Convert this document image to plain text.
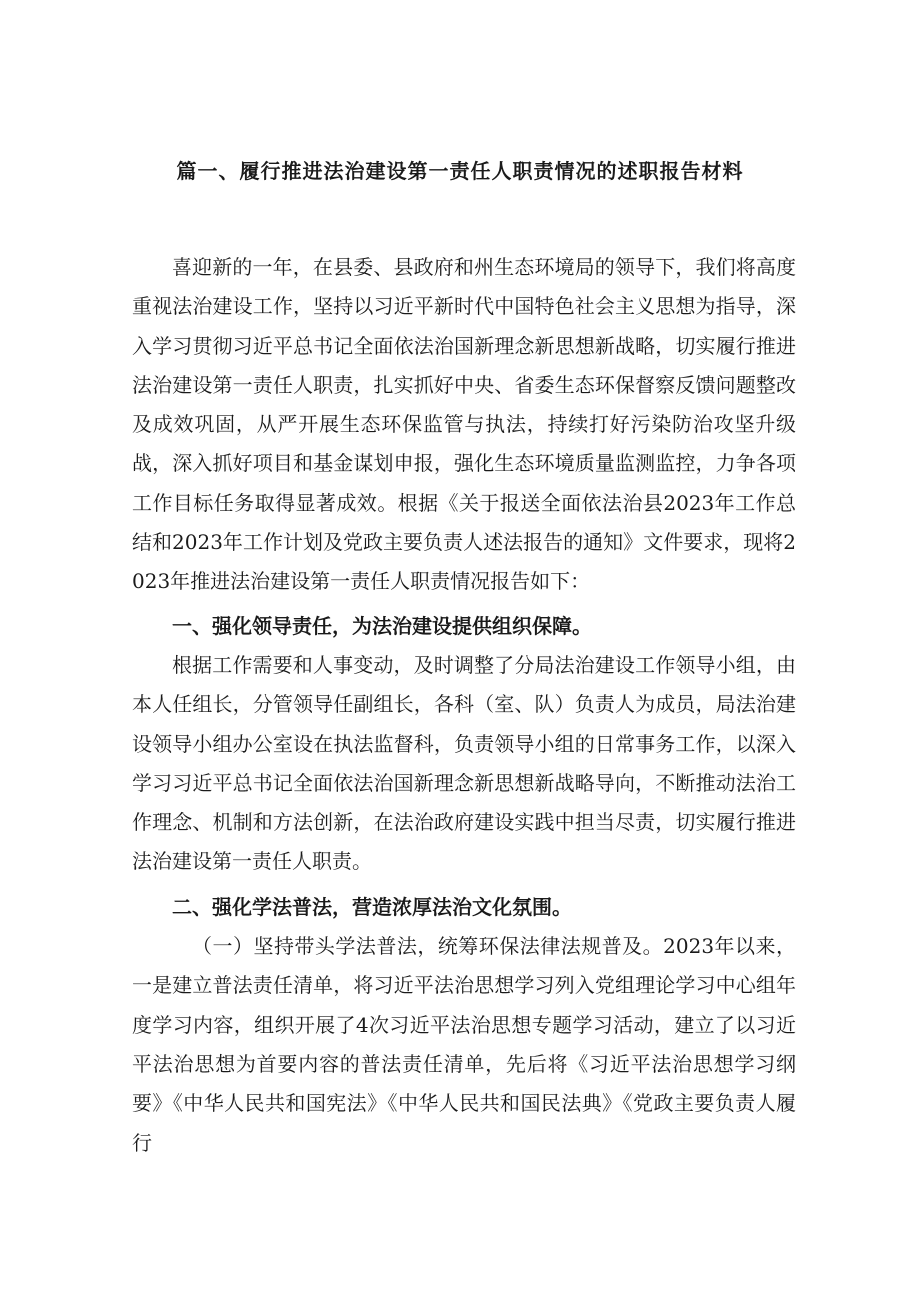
篇一、履行推进法治建设第一责任人职责情况的述职报告材料

喜迎新的一年，在县委、县政府和州生态环境局的领导下，我们将高度重视法治建设工作，坚持以习近平新时代中国特色社会主义思想为指导，深入学习贯彻习近平总书记全面依法治国新理念新思想新战略，切实履行推进法治建设第一责任人职责，扎实抓好中央、省委生态环保督察反馈问题整改及成效巩固，从严开展生态环保监管与执法，持续打好污染防治攻坚升级战，深入抓好项目和基金谋划申报，强化生态环境质量监测监控，力争各项工作目标任务取得显著成效。根据《关于报送全面依法治县2023年工作总结和2023年工作计划及党政主要负责人述法报告的通知》文件要求，现将2023年推进法治建设第一责任人职责情况报告如下：

一、强化领导责任，为法治建设提供组织保障。

根据工作需要和人事变动，及时调整了分局法治建设工作领导小组，由本人任组长，分管领导任副组长，各科（室、队）负责人为成员，局法治建设领导小组办公室设在执法监督科，负责领导小组的日常事务工作，以深入学习习近平总书记全面依法治国新理念新思想新战略导向，不断推动法治工作理念、机制和方法创新，在法治政府建设实践中担当尽责，切实履行推进法治建设第一责任人职责。

二、强化学法普法，营造浓厚法治文化氛围。

（一）坚持带头学法普法，统筹环保法律法规普及。2023年以来，一是建立普法责任清单，将习近平法治思想学习列入党组理论学习中心组年度学习内容，组织开展了4次习近平法治思想专题学习活动，建立了以习近平法治思想为首要内容的普法责任清单，先后将《习近平法治思想学习纲要》《中华人民共和国宪法》《中华人民共和国民法典》《党政主要负责人履行
